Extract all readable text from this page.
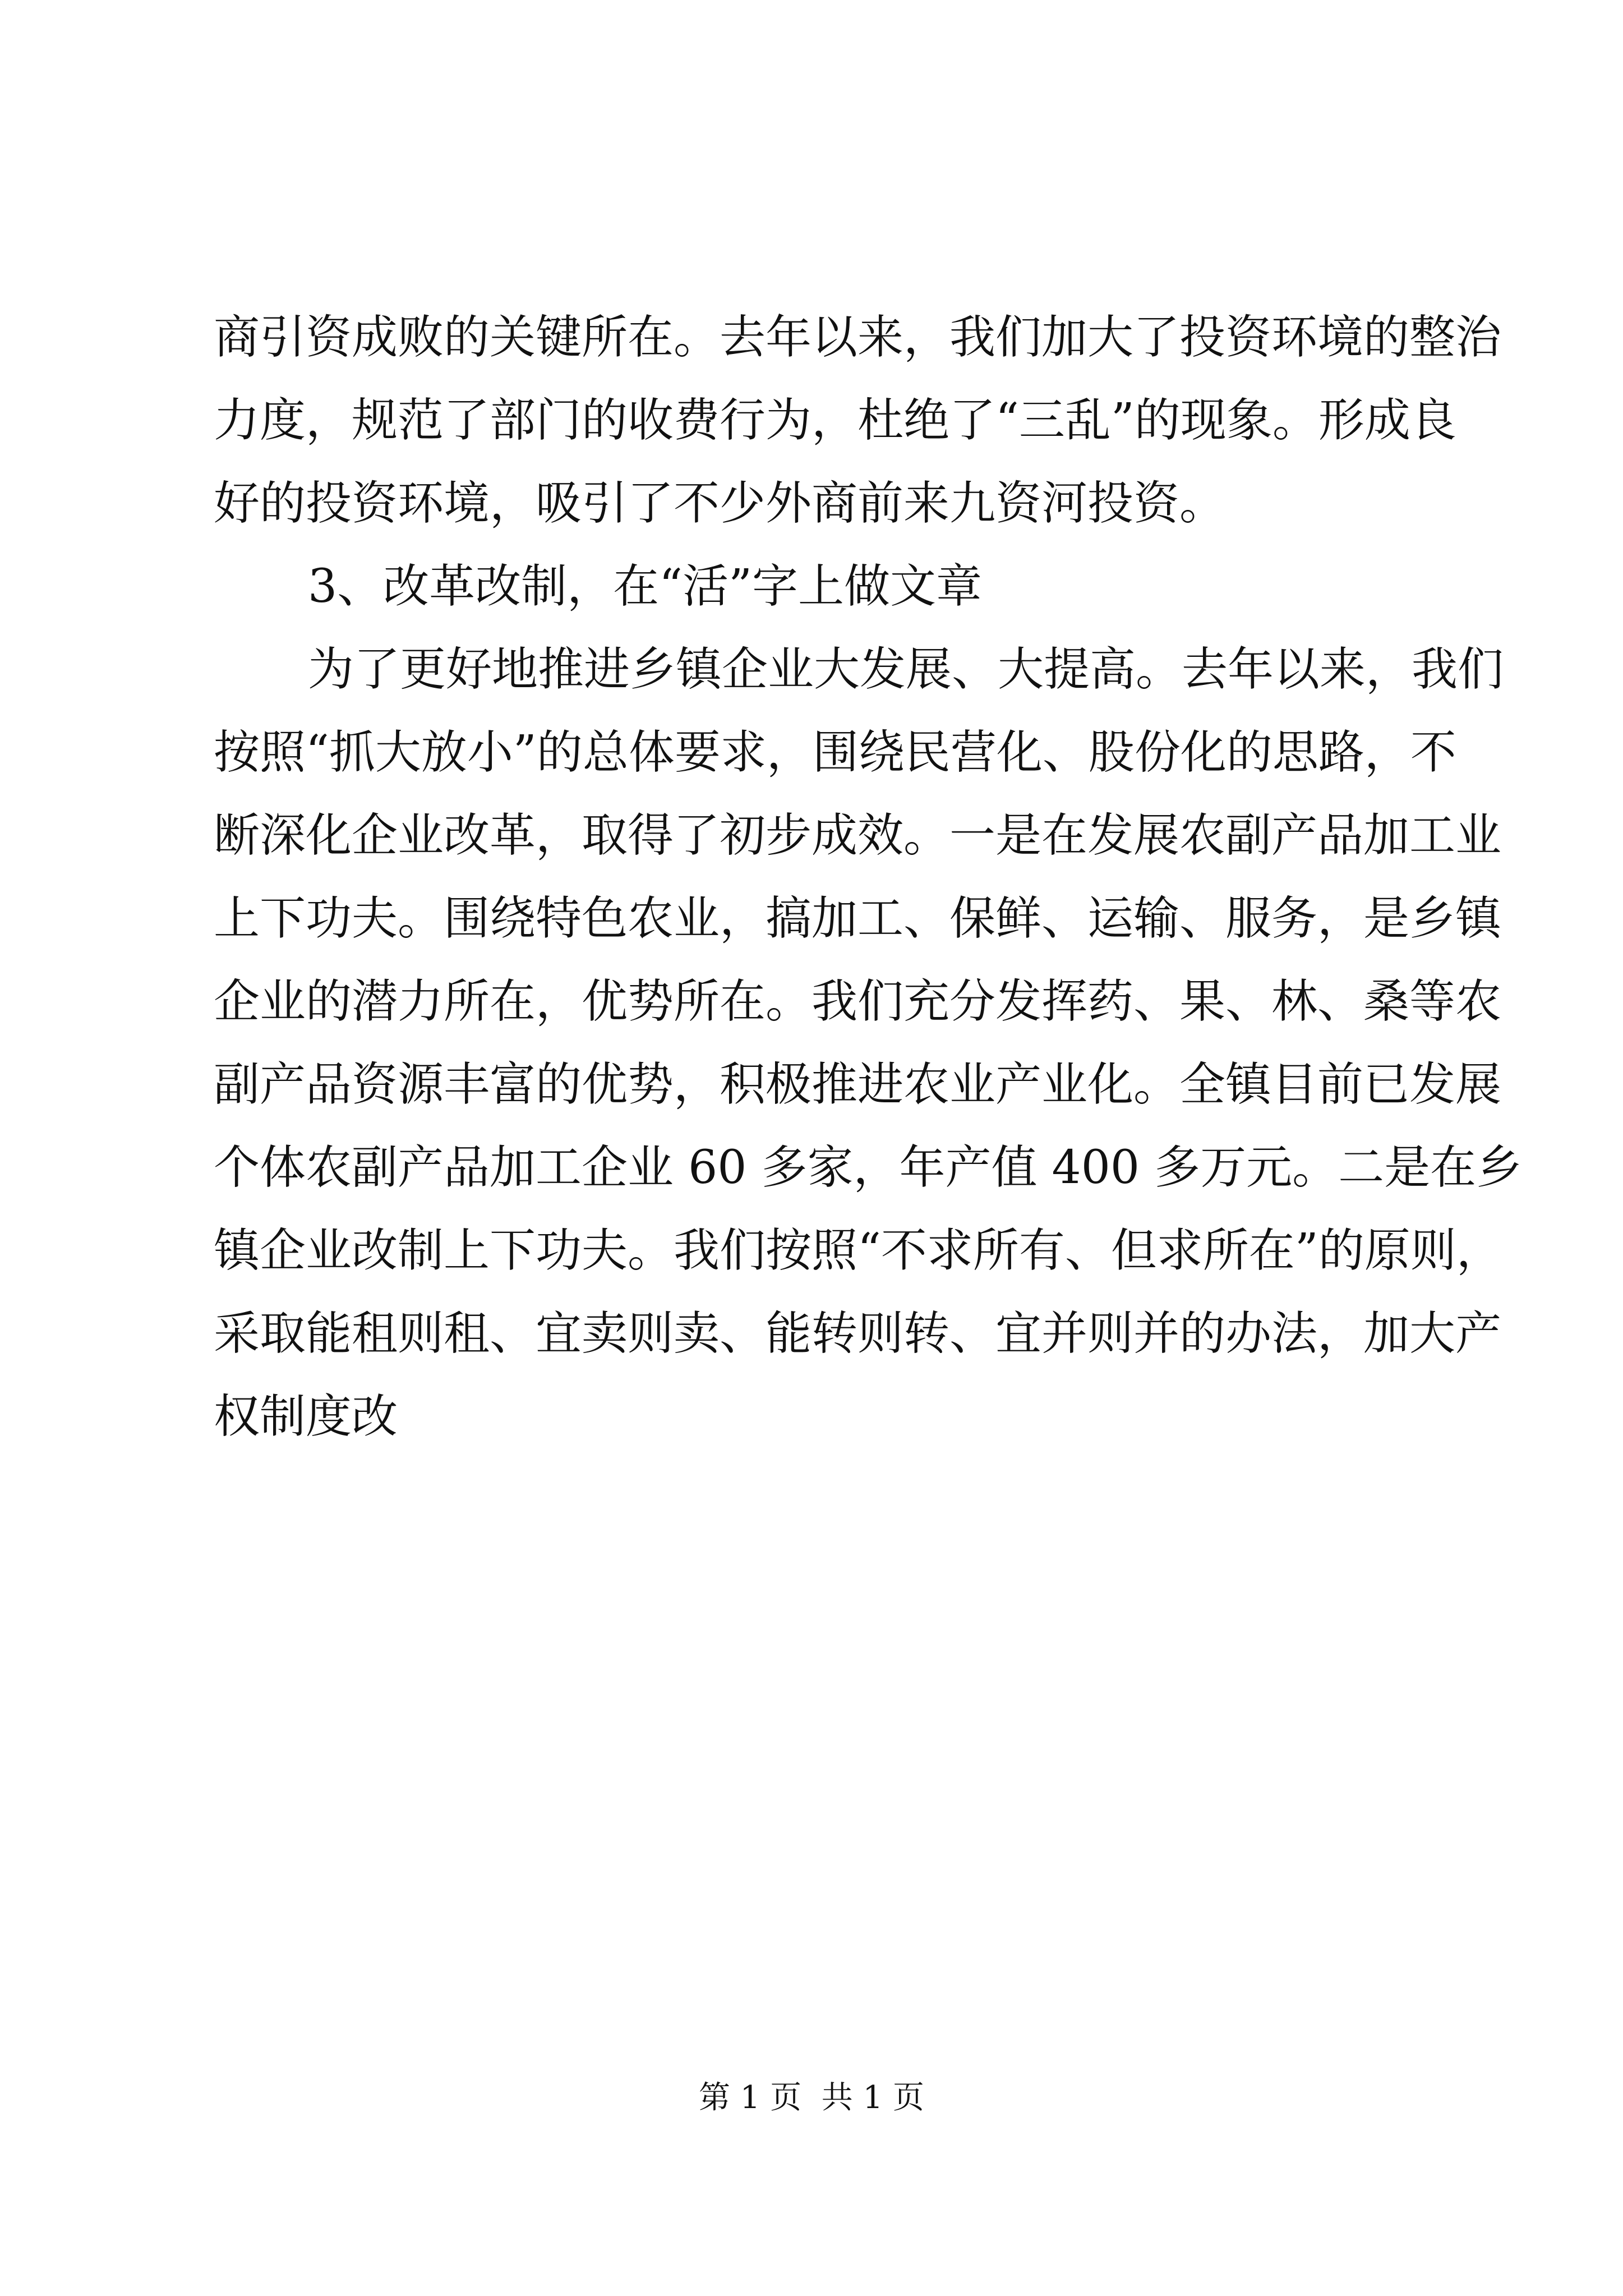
商引资成败的关键所在。去年以来，我们加大了投资环境的整治
力度，规范了部门的收费行为，杜绝了“三乱”的现象。形成良
好的投资环境，吸引了不少外商前来九资河投资。
3、改革改制，在“活”字上做文章
为了更好地推进乡镇企业大发展、大提高。去年以来，我们
按照“抓大放小”的总体要求，围绕民营化、股份化的思路，不
断深化企业改革，取得了初步成效。一是在发展农副产品加工业
上下功夫。围绕特色农业，搞加工、保鲜、运输、服务，是乡镇
企业的潜力所在，优势所在。我们充分发挥药、果、林、桑等农
副产品资源丰富的优势，积极推进农业产业化。全镇目前已发展
个体农副产品加工企业 60 多家，年产值 400 多万元。二是在乡
镇企业改制上下功夫。我们按照“不求所有、但求所在”的原则，
采取能租则租、宜卖则卖、能转则转、宜并则并的办法，加大产
权制度改
第 1 页  共 1 页
